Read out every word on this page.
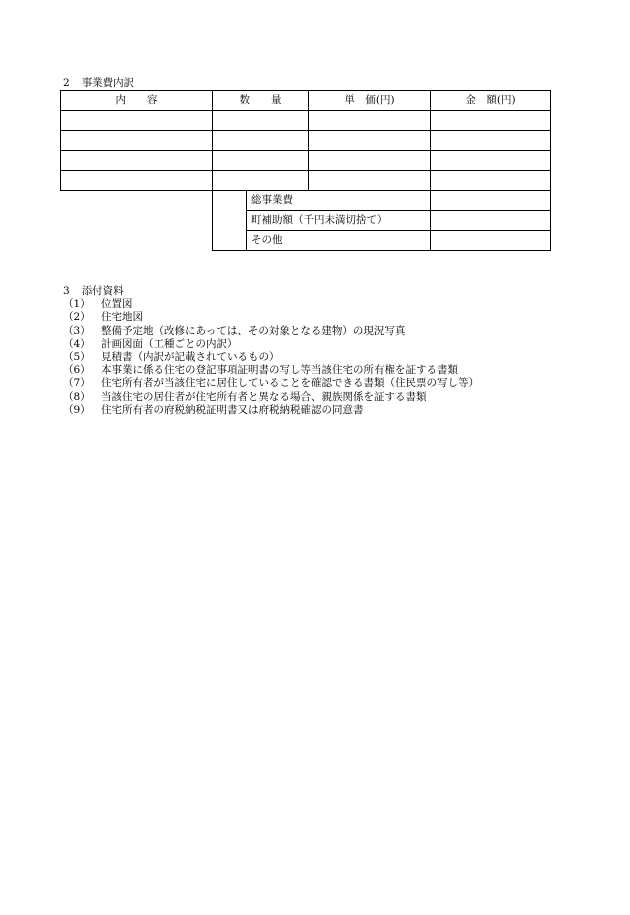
2 事業費内訳
内　　容	数　　量		単　価(円)	金　額(円)

		総事業費		
		町補助額（千円未満切捨て）		
		その他		
3 添付資料
（1） 位置図
（2） 住宅地図
（3） 整備予定地（改修にあっては、その対象となる建物）の現況写真
（4） 計画図面（工種ごとの内訳）
（5） 見積書（内訳が記載されているもの）
（6） 本事業に係る住宅の登記事項証明書の写し等当該住宅の所有権を証する書類
（7） 住宅所有者が当該住宅に居住していることを確認できる書類（住民票の写し等）
（8） 当該住宅の居住者が住宅所有者と異なる場合、親族関係を証する書類
（9） 住宅所有者の府税納税証明書又は府税納税確認の同意書
